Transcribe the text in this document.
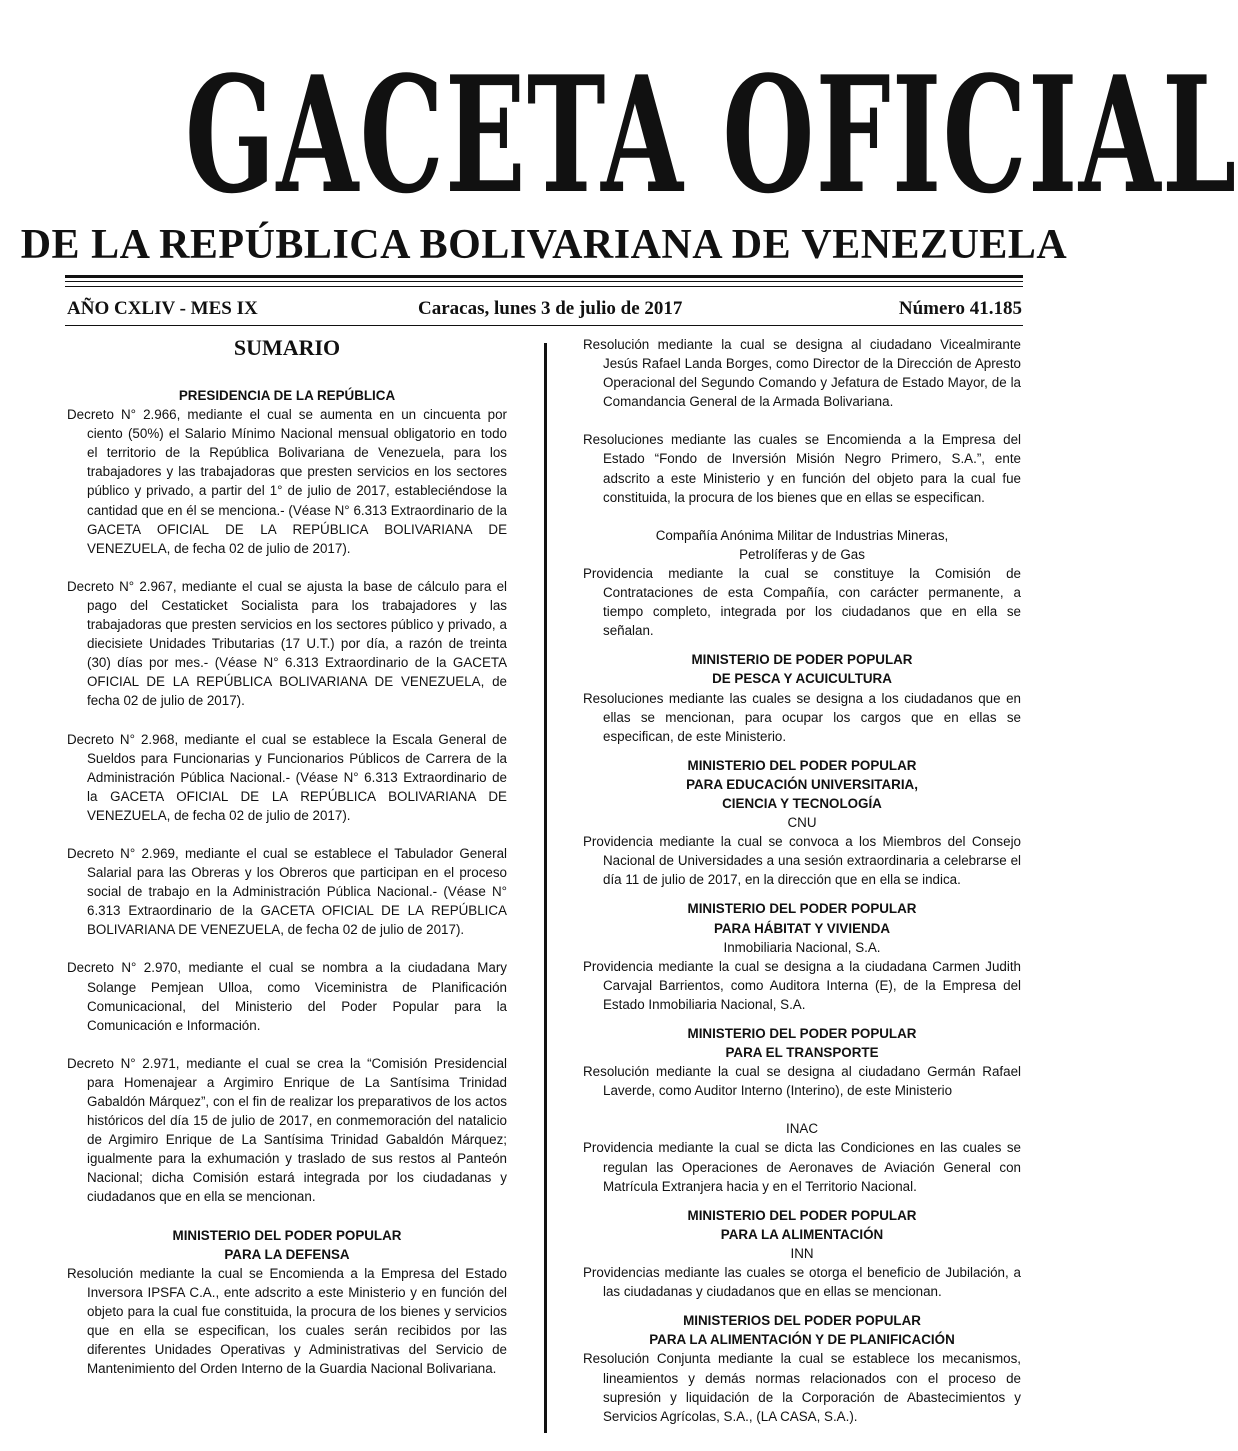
GACETA OFICIAL
DE LA REPÚBLICA BOLIVARIANA DE VENEZUELA
AÑO CXLIV - MES IX	Caracas, lunes 3 de julio de 2017	Número 41.185

SUMARIO

PRESIDENCIA DE LA REPÚBLICA

Decreto N° 2.966, mediante el cual se aumenta en un cincuenta por ciento (50%) el Salario Mínimo Nacional mensual obligatorio en todo el territorio de la República Bolivariana de Venezuela, para los trabajadores y las trabajadoras que presten servicios en los sectores público y privado, a partir del 1° de julio de 2017, estableciéndose la cantidad que en él se menciona.- (Véase N° 6.313 Extraordinario de la GACETA OFICIAL DE LA REPÚBLICA BOLIVARIANA DE VENEZUELA, de fecha 02 de julio de 2017).

Decreto N° 2.967, mediante el cual se ajusta la base de cálculo para el pago del Cestaticket Socialista para los trabajadores y las trabajadoras que presten servicios en los sectores público y privado, a diecisiete Unidades Tributarias (17 U.T.) por día, a razón de treinta (30) días por mes.- (Véase N° 6.313 Extraordinario de la GACETA OFICIAL DE LA REPÚBLICA BOLIVARIANA DE VENEZUELA, de fecha 02 de julio de 2017).

Decreto N° 2.968, mediante el cual se establece la Escala General de Sueldos para Funcionarias y Funcionarios Públicos de Carrera de la Administración Pública Nacional.- (Véase N° 6.313 Extraordinario de la GACETA OFICIAL DE LA REPÚBLICA BOLIVARIANA DE VENEZUELA, de fecha 02 de julio de 2017).

Decreto N° 2.969, mediante el cual se establece el Tabulador General Salarial para las Obreras y los Obreros que participan en el proceso social de trabajo en la Administración Pública Nacional.- (Véase N° 6.313 Extraordinario de la GACETA OFICIAL DE LA REPÚBLICA BOLIVARIANA DE VENEZUELA, de fecha 02 de julio de 2017).

Decreto N° 2.970, mediante el cual se nombra a la ciudadana Mary Solange Pemjean Ulloa, como Viceministra de Planificación Comunicacional, del Ministerio del Poder Popular para la Comunicación e Información.

Decreto N° 2.971, mediante el cual se crea la “Comisión Presidencial para Homenajear a Argimiro Enrique de La Santísima Trinidad Gabaldón Márquez”, con el fin de realizar los preparativos de los actos históricos del día 15 de julio de 2017, en conmemoración del natalicio de Argimiro Enrique de La Santísima Trinidad Gabaldón Márquez; igualmente para la exhumación y traslado de sus restos al Panteón Nacional; dicha Comisión estará integrada por los ciudadanas y ciudadanos que en ella se mencionan.

MINISTERIO DEL PODER POPULAR

PARA LA DEFENSA

Resolución mediante la cual se Encomienda a la Empresa del Estado Inversora IPSFA C.A., ente adscrito a este Ministerio y en función del objeto para la cual fue constituida, la procura de los bienes y servicios que en ella se especifican, los cuales serán recibidos por las diferentes Unidades Operativas y Administrativas del Servicio de Mantenimiento del Orden Interno de la Guardia Nacional Bolivariana.

Resolución mediante la cual se designa al ciudadano Vicealmirante Jesús Rafael Landa Borges, como Director de la Dirección de Apresto Operacional del Segundo Comando y Jefatura de Estado Mayor, de la Comandancia General de la Armada Bolivariana.

Resoluciones mediante las cuales se Encomienda a la Empresa del Estado “Fondo de Inversión Misión Negro Primero, S.A.”, ente adscrito a este Ministerio y en función del objeto para la cual fue constituida, la procura de los bienes que en ellas se especifican.

Compañía Anónima Militar de Industrias Mineras,

Petrolíferas y de Gas

Providencia mediante la cual se constituye la Comisión de Contrataciones de esta Compañía, con carácter permanente, a tiempo completo, integrada por los ciudadanos que en ella se señalan.

MINISTERIO DE PODER POPULAR

DE PESCA Y ACUICULTURA

Resoluciones mediante las cuales se designa a los ciudadanos que en ellas se mencionan, para ocupar los cargos que en ellas se especifican, de este Ministerio.

MINISTERIO DEL PODER POPULAR

PARA EDUCACIÓN UNIVERSITARIA,

CIENCIA Y TECNOLOGÍA

CNU

Providencia mediante la cual se convoca a los Miembros del Consejo Nacional de Universidades a una sesión extraordinaria a celebrarse el día 11 de julio de 2017, en la dirección que en ella se indica.

MINISTERIO DEL PODER POPULAR

PARA HÁBITAT Y VIVIENDA

Inmobiliaria Nacional, S.A.

Providencia mediante la cual se designa a la ciudadana Carmen Judith Carvajal Barrientos, como Auditora Interna (E), de la Empresa del Estado Inmobiliaria Nacional, S.A.

MINISTERIO DEL PODER POPULAR

PARA EL TRANSPORTE

Resolución mediante la cual se designa al ciudadano Germán Rafael Laverde, como Auditor Interno (Interino), de este Ministerio

INAC

Providencia mediante la cual se dicta las Condiciones en las cuales se regulan las Operaciones de Aeronaves de Aviación General con Matrícula Extranjera hacia y en el Territorio Nacional.

MINISTERIO DEL PODER POPULAR

PARA LA ALIMENTACIÓN

INN

Providencias mediante las cuales se otorga el beneficio de Jubilación, a las ciudadanas y ciudadanos que en ellas se mencionan.

MINISTERIOS DEL PODER POPULAR

PARA LA ALIMENTACIÓN Y DE PLANIFICACIÓN

Resolución Conjunta mediante la cual se establece los mecanismos, lineamientos y demás normas relacionados con el proceso de supresión y liquidación de la Corporación de Abastecimientos y Servicios Agrícolas, S.A., (LA CASA, S.A.).
